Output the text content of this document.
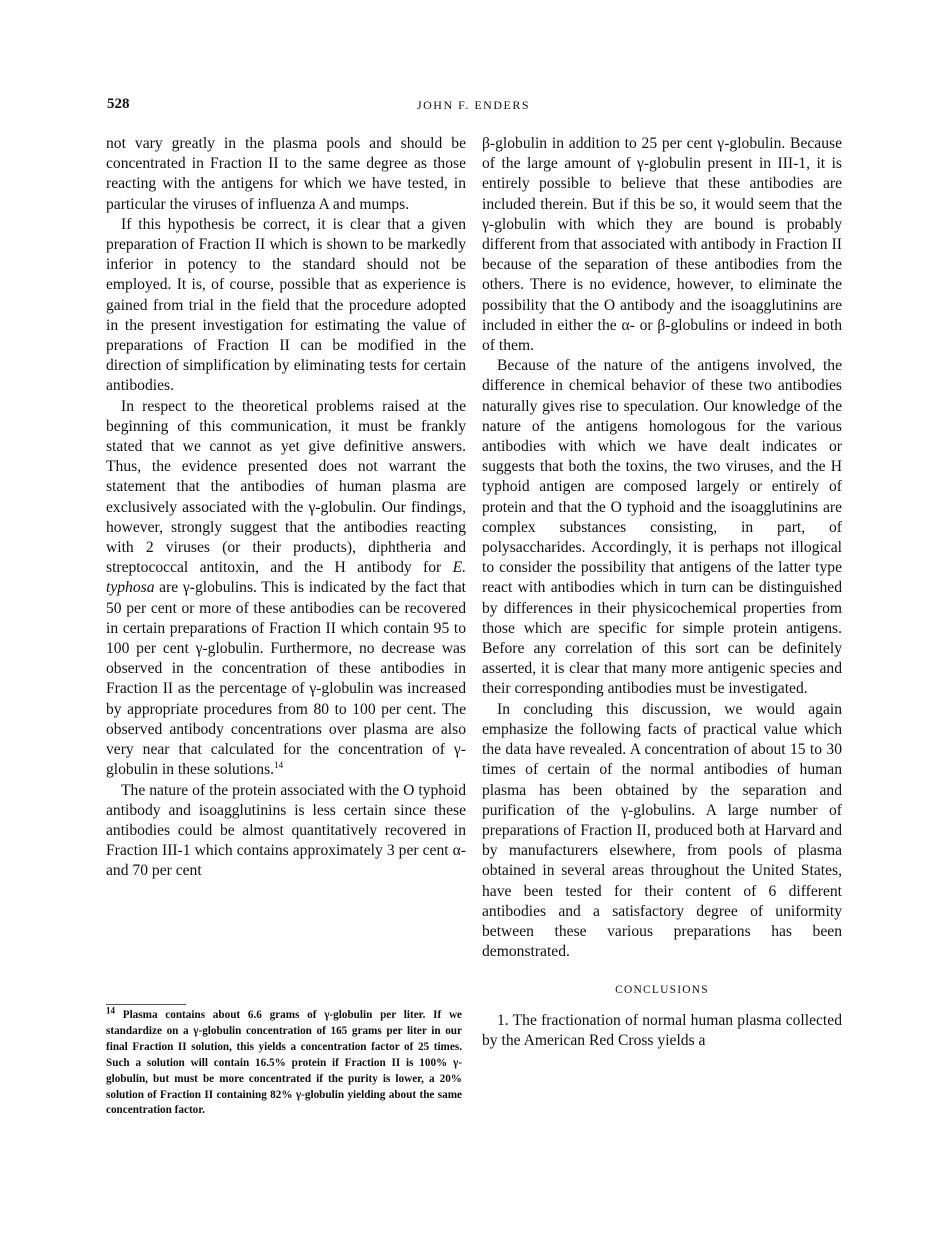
528	JOHN F. ENDERS

not vary greatly in the plasma pools and should be concentrated in Fraction II to the same degree as those reacting with the antigens for which we have tested, in particular the viruses of influenza A and mumps.

If this hypothesis be correct, it is clear that a given preparation of Fraction II which is shown to be markedly inferior in potency to the standard should not be employed. It is, of course, possible that as experience is gained from trial in the field that the procedure adopted in the present investigation for estimating the value of preparations of Fraction II can be modified in the direction of simplification by eliminating tests for certain antibodies.

In respect to the theoretical problems raised at the beginning of this communication, it must be frankly stated that we cannot as yet give definitive answers. Thus, the evidence presented does not warrant the statement that the antibodies of human plasma are exclusively associated with the γ-globulin. Our findings, however, strongly suggest that the antibodies reacting with 2 viruses (or their products), diphtheria and streptococcal antitoxin, and the H antibody for E. typhosa are γ-globulins. This is indicated by the fact that 50 per cent or more of these antibodies can be recovered in certain preparations of Fraction II which contain 95 to 100 per cent γ-globulin. Furthermore, no decrease was observed in the concentration of these antibodies in Fraction II as the percentage of γ-globulin was increased by appropriate procedures from 80 to 100 per cent. The observed antibody concentrations over plasma are also very near that calculated for the concentration of γ-globulin in these solutions.$^{14}$

The nature of the protein associated with the O typhoid antibody and isoagglutinins is less certain since these antibodies could be almost quantitatively recovered in Fraction III-1 which contains approximately 3 per cent α- and 70 per cent

$^{14}$ Plasma contains about 6.6 grams of γ-globulin per liter. If we standardize on a γ-globulin concentration of 165 grams per liter in our final Fraction II solution, this yields a concentration factor of 25 times. Such a solution will contain 16.5% protein if Fraction II is 100% γ-globulin, but must be more concentrated if the purity is lower, a 20% solution of Fraction II containing 82% γ-globulin yielding about the same concentration factor.

β-globulin in addition to 25 per cent γ-globulin. Because of the large amount of γ-globulin present in III-1, it is entirely possible to believe that these antibodies are included therein. But if this be so, it would seem that the γ-globulin with which they are bound is probably different from that associated with antibody in Fraction II because of the separation of these antibodies from the others. There is no evidence, however, to eliminate the possibility that the O antibody and the isoagglutinins are included in either the α- or β-globulins or indeed in both of them.

Because of the nature of the antigens involved, the difference in chemical behavior of these two antibodies naturally gives rise to speculation. Our knowledge of the nature of the antigens homologous for the various antibodies with which we have dealt indicates or suggests that both the toxins, the two viruses, and the H typhoid antigen are composed largely or entirely of protein and that the O typhoid and the isoagglutinins are complex substances consisting, in part, of polysaccharides. Accordingly, it is perhaps not illogical to consider the possibility that antigens of the latter type react with antibodies which in turn can be distinguished by differences in their physicochemical properties from those which are specific for simple protein antigens. Before any correlation of this sort can be definitely asserted, it is clear that many more antigenic species and their corresponding antibodies must be investigated.

In concluding this discussion, we would again emphasize the following facts of practical value which the data have revealed. A concentration of about 15 to 30 times of certain of the normal antibodies of human plasma has been obtained by the separation and purification of the γ-globulins. A large number of preparations of Fraction II, produced both at Harvard and by manufacturers elsewhere, from pools of plasma obtained in several areas throughout the United States, have been tested for their content of 6 different antibodies and a satisfactory degree of uniformity between these various preparations has been demonstrated.

CONCLUSIONS

1. The fractionation of normal human plasma collected by the American Red Cross yields a
